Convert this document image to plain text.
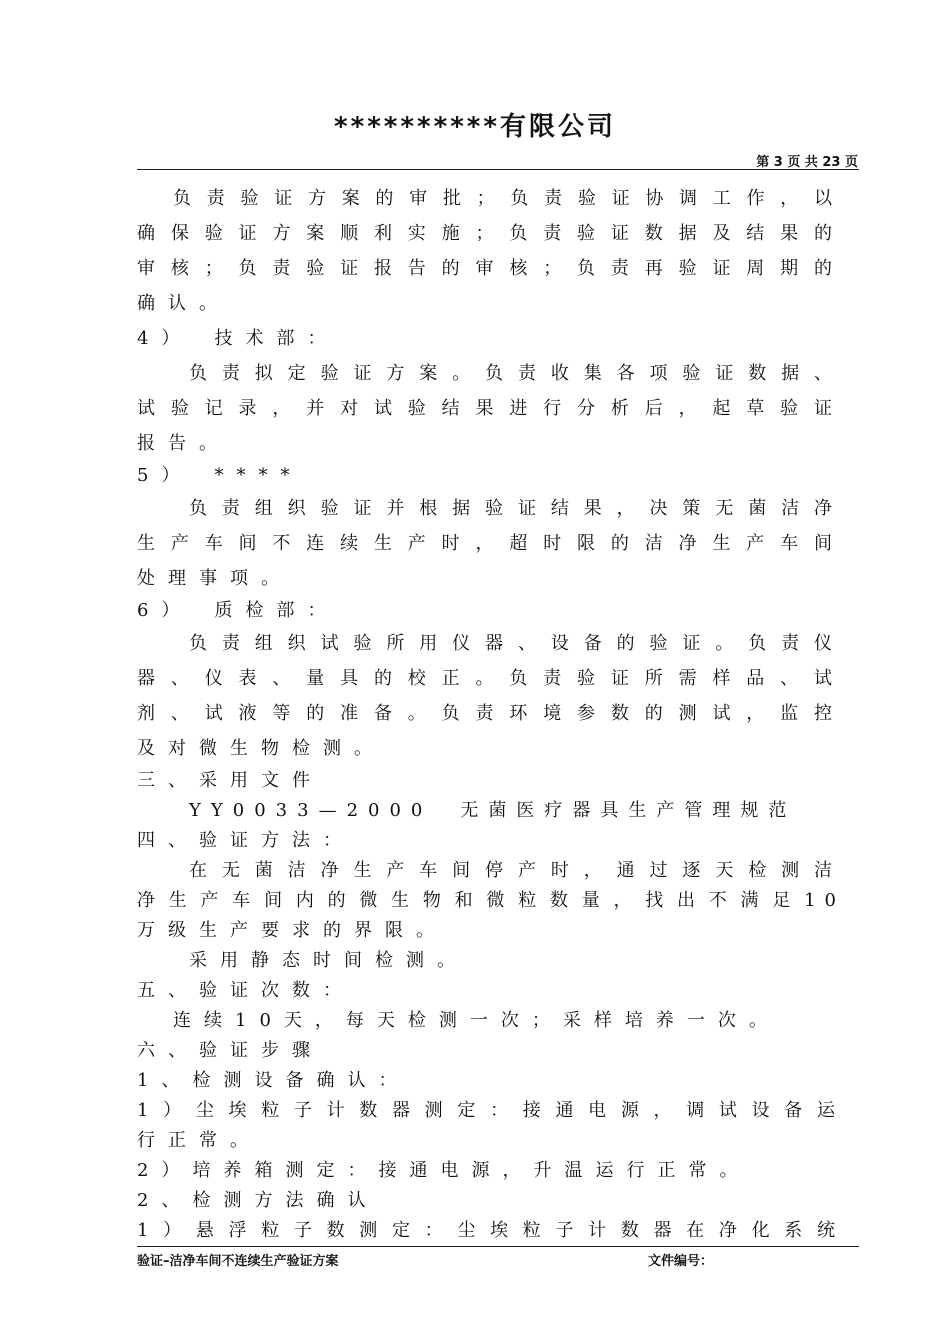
**********有限公司
第 3 页 共 23 页
负责验证方案的审批；负责验证协调工作，以
确保验证方案顺利实施；负责验证数据及结果的
审核；负责验证报告的审核；负责再验证周期的
确认。
4）　技术部：
负责拟定验证方案。负责收集各项验证数据、
试验记录，并对试验结果进行分析后，起草验证
报告。
5）　****
负责组织验证并根据验证结果，决策无菌洁净
生产车间不连续生产时，超时限的洁净生产车间
处理事项。
6）　质检部：
负责组织试验所用仪器、设备的验证。负责仪
器、仪表、量具的校正。负责验证所需样品、试
剂、试液等的准备。负责环境参数的测试，监控
及对微生物检测。
三、采用文件
YY0033—2000　无菌医疗器具生产管理规范
四、验证方法：
在无菌洁净生产车间停产时，通过逐天检测洁
净生产车间内的微生物和微粒数量，找出不满足10
万级生产要求的界限。
采用静态时间检测。
五、验证次数：
连续10天，每天检测一次；采样培养一次。
六、验证步骤
1、检测设备确认：
1）尘埃粒子计数器测定：接通电源，调试设备运
行正常。
2）培养箱测定：接通电源，升温运行正常。
2、检测方法确认
1）悬浮粒子数测定：尘埃粒子计数器在净化系统
验证–洁净车间不连续生产验证方案	文件编号：
